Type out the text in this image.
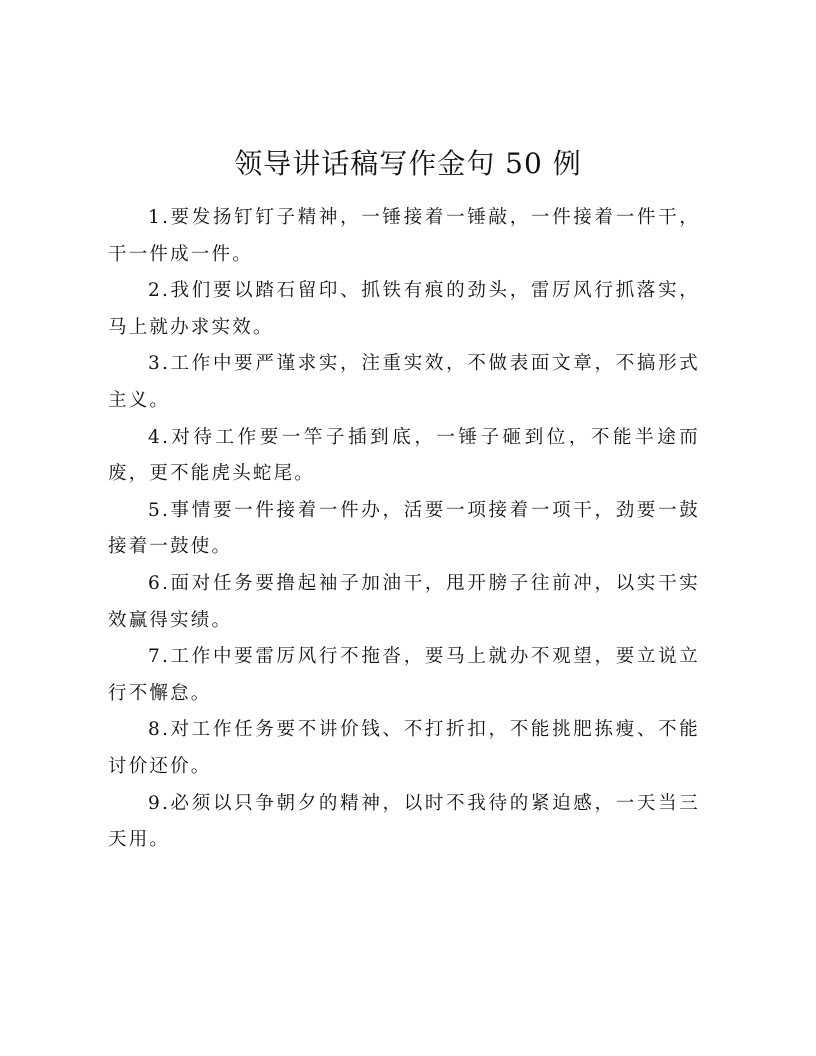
领导讲话稿写作金句 50 例

1.要发扬钉钉子精神，一锤接着一锤敲，一件接着一件干，干一件成一件。

2.我们要以踏石留印、抓铁有痕的劲头，雷厉风行抓落实，马上就办求实效。

3.工作中要严谨求实，注重实效，不做表面文章，不搞形式主义。

4.对待工作要一竿子插到底，一锤子砸到位，不能半途而废，更不能虎头蛇尾。

5.事情要一件接着一件办，活要一项接着一项干，劲要一鼓接着一鼓使。

6.面对任务要撸起袖子加油干，甩开膀子往前冲，以实干实效赢得实绩。

7.工作中要雷厉风行不拖沓，要马上就办不观望，要立说立行不懈怠。

8.对工作任务要不讲价钱、不打折扣，不能挑肥拣瘦、不能讨价还价。

9.必须以只争朝夕的精神，以时不我待的紧迫感，一天当三天用。
